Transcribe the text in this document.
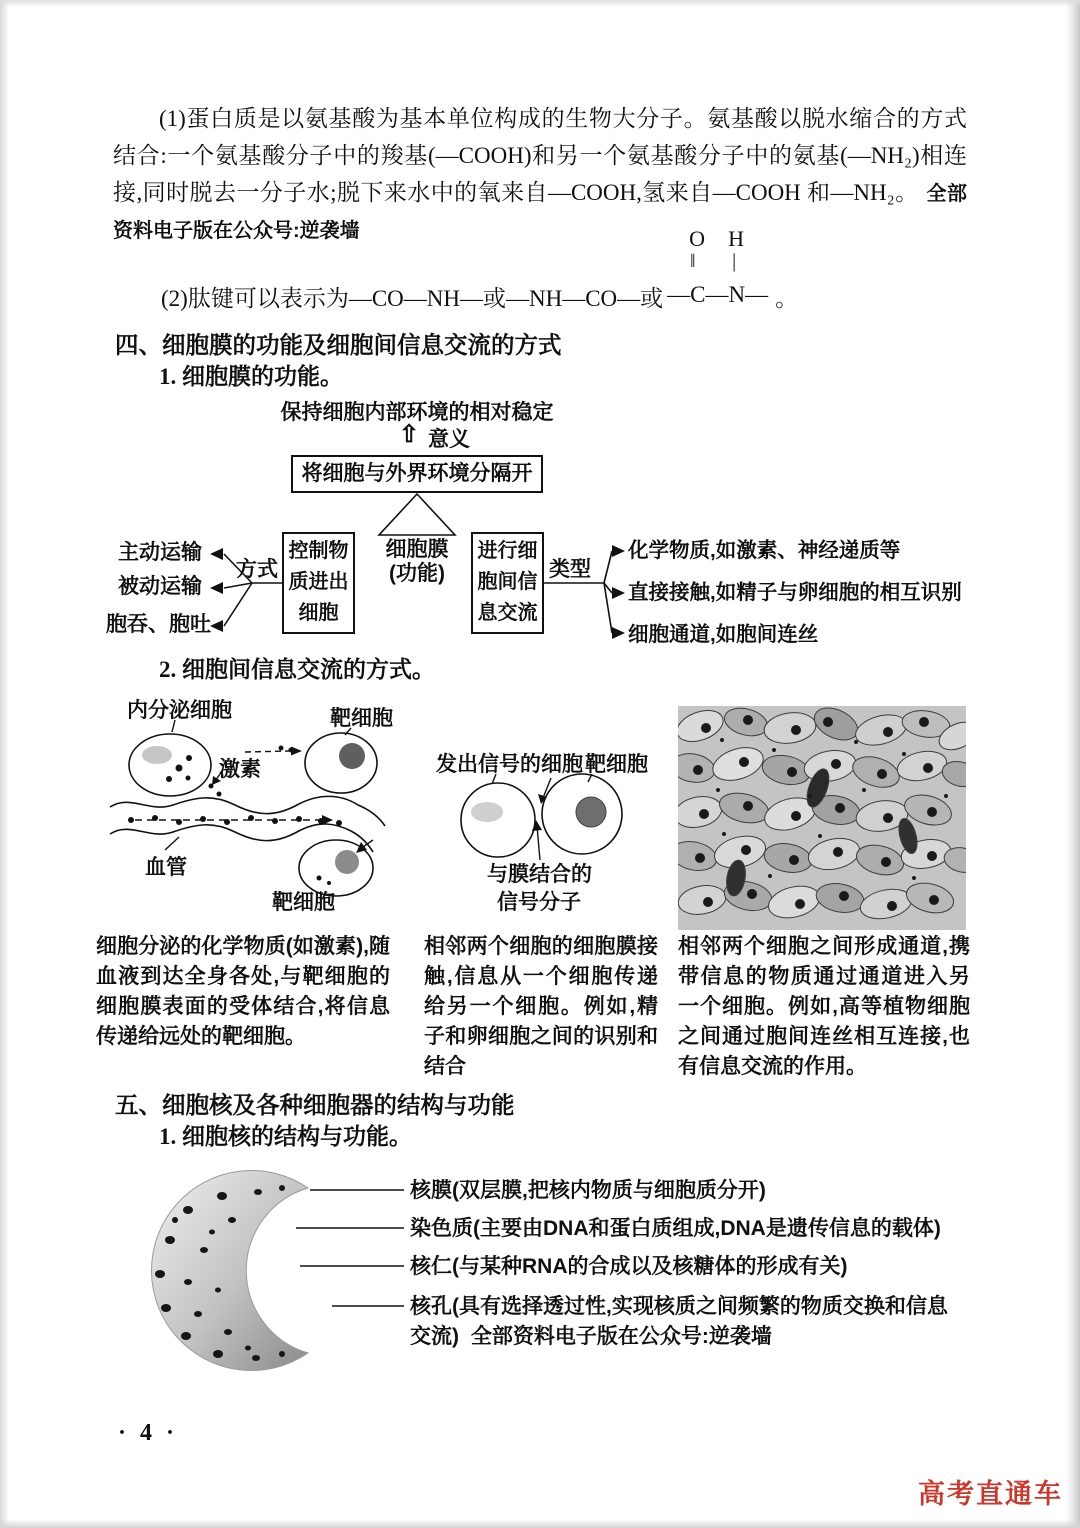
(1)蛋白质是以氨基酸为基本单位构成的生物大分子。氨基酸以脱水缩合的方式结合:一个氨基酸分子中的羧基(—COOH)和另一个氨基酸分子中的氨基(—NH₂)相连接,同时脱去一分子水;脱下来水中的氧来自—COOH,氢来自—COOH 和—NH₂。 全部资料电子版在公众号:逆袭墙
(2)肽键可以表示为—CO—NH—或—NH—CO—或
O H
‖ |
—C—N— 。
四、细胞膜的功能及细胞间信息交流的方式
1. 细胞膜的功能。
保持细胞内部环境的相对稳定
⇧ 意义
将细胞与外界环境分隔开
细胞膜
(功能)
控制物质进出细胞
方式
进行细胞间信息交流
类型
主动运输
被动运输
胞吞、胞吐
化学物质,如激素、神经递质等
直接接触,如精子与卵细胞的相互识别
细胞通道,如胞间连丝
2. 细胞间信息交流的方式。
内分泌细胞	靶细胞
激素
血管
靶细胞
发出信号的细胞 靶细胞
与膜结合的
信号分子
细胞分泌的化学物质(如激素),随血液到达全身各处,与靶细胞的细胞膜表面的受体结合,将信息传递给远处的靶细胞。
相邻两个细胞的细胞膜接触,信息从一个细胞传递给另一个细胞。例如,精子和卵细胞之间的识别和结合
相邻两个细胞之间形成通道,携带信息的物质通过通道进入另一个细胞。例如,高等植物细胞之间通过胞间连丝相互连接,也有信息交流的作用。
五、细胞核及各种细胞器的结构与功能
1. 细胞核的结构与功能。
核膜(双层膜,把核内物质与细胞质分开)
染色质(主要由DNA和蛋白质组成,DNA是遗传信息的载体)
核仁(与某种RNA的合成以及核糖体的形成有关)
核孔(具有选择透过性,实现核质之间频繁的物质交换和信息交流) 全部资料电子版在公众号:逆袭墙
· 4 ·
高考直通车
